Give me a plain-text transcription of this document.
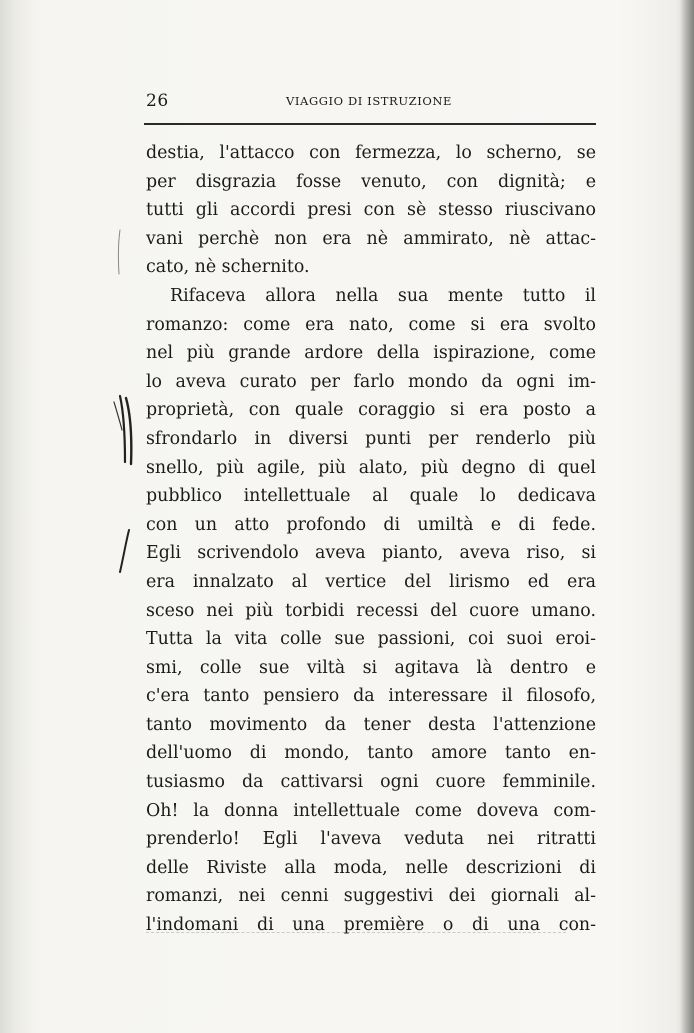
26	VIAGGIO DI ISTRUZIONE
destia, l'attacco con fermezza, lo scherno, se
per disgrazia fosse venuto, con dignità; e
tutti gli accordi presi con sè stesso riuscivano
vani perchè non era nè ammirato, nè attac-
cato, nè schernito.
Rifaceva allora nella sua mente tutto il
romanzo: come era nato, come si era svolto
nel più grande ardore della ispirazione, come
lo aveva curato per farlo mondo da ogni im-
proprietà, con quale coraggio si era posto a
sfrondarlo in diversi punti per renderlo più
snello, più agile, più alato, più degno di quel
pubblico intellettuale al quale lo dedicava
con un atto profondo di umiltà e di fede.
Egli scrivendolo aveva pianto, aveva riso, si
era innalzato al vertice del lirismo ed era
sceso nei più torbidi recessi del cuore umano.
Tutta la vita colle sue passioni, coi suoi eroi-
smi, colle sue viltà si agitava là dentro e
c'era tanto pensiero da interessare il filosofo,
tanto movimento da tener desta l'attenzione
dell'uomo di mondo, tanto amore tanto en-
tusiasmo da cattivarsi ogni cuore femminile.
Oh! la donna intellettuale come doveva com-
prenderlo! Egli l'aveva veduta nei ritratti
delle Riviste alla moda, nelle descrizioni di
romanzi, nei cenni suggestivi dei giornali al-
l'indomani di una première o di una con-
